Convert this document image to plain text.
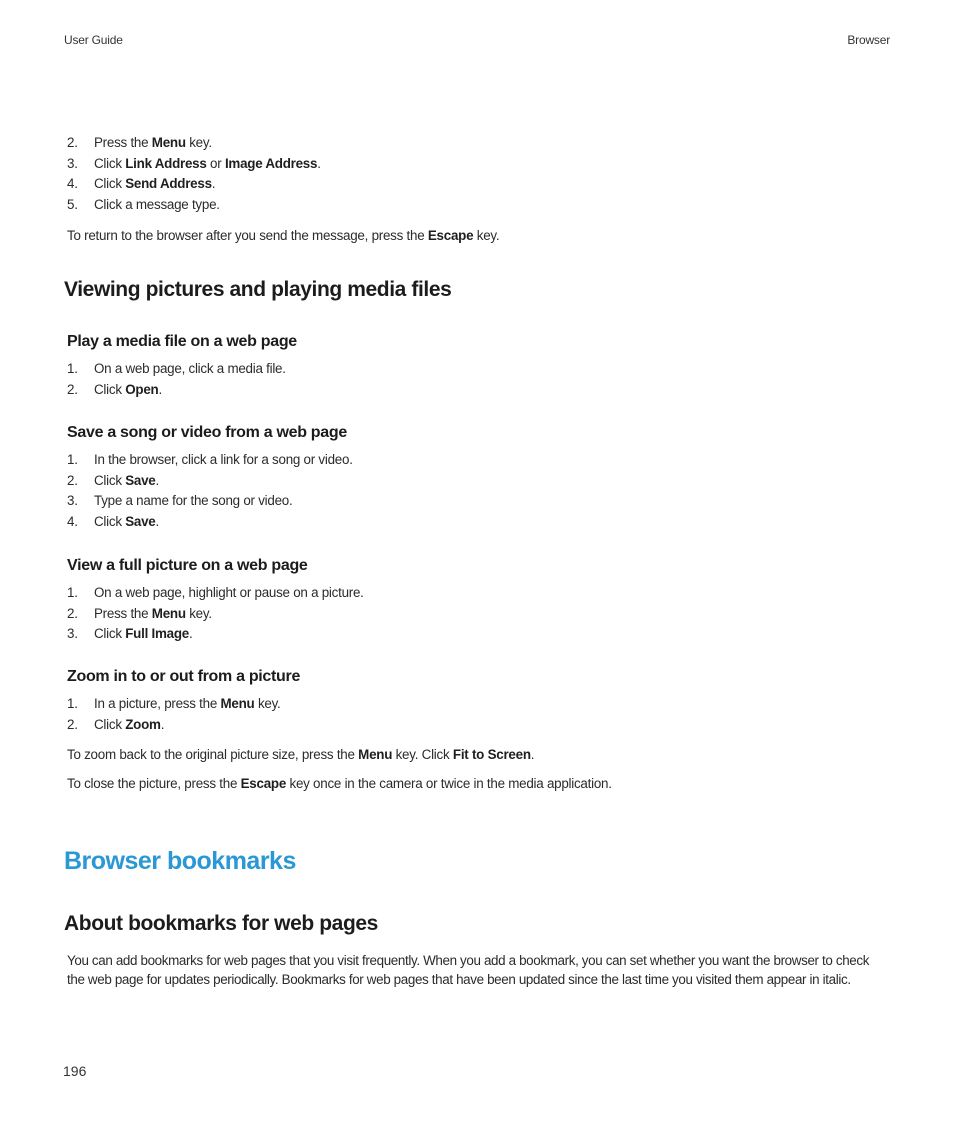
User Guide	Browser
2.	Press the Menu key.
3.	Click Link Address or Image Address.
4.	Click Send Address.
5.	Click a message type.
To return to the browser after you send the message, press the Escape key.
Viewing pictures and playing media files
Play a media file on a web page
1.	On a web page, click a media file.
2.	Click Open.
Save a song or video from a web page
1.	In the browser, click a link for a song or video.
2.	Click Save.
3.	Type a name for the song or video.
4.	Click Save.
View a full picture on a web page
1.	On a web page, highlight or pause on a picture.
2.	Press the Menu key.
3.	Click Full Image.
Zoom in to or out from a picture
1.	In a picture, press the Menu key.
2.	Click Zoom.
To zoom back to the original picture size, press the Menu key. Click Fit to Screen.
To close the picture, press the Escape key once in the camera or twice in the media application.
Browser bookmarks
About bookmarks for web pages
You can add bookmarks for web pages that you visit frequently. When you add a bookmark, you can set whether you want the browser to check
the web page for updates periodically. Bookmarks for web pages that have been updated since the last time you visited them appear in italic.
196
